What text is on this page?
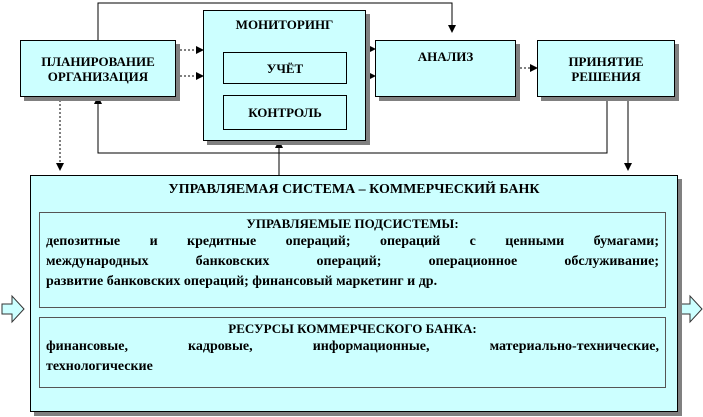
ПЛАНИРОВАНИЕ
ОРГАНИЗАЦИЯ
МОНИТОРИНГ
УЧЁТ
КОНТРОЛЬ
АНАЛИЗ	ПРИНЯТИЕ
РЕШЕНИЯ
УПРАВЛЯЕМАЯ СИСТЕМА – КОММЕРЧЕСКИЙ БАНК
УПРАВЛЯЕМЫЕ ПОДСИСТЕМЫ:
депозитные и кредитные операций; операций с ценными бумагами;
международных банковских операций; операционное обслуживание;
развитие банковских операций; финансовый маркетинг и др.
РЕСУРСЫ КОММЕРЧЕСКОГО БАНКА:
финансовые, кадровые, информационные, материально-технические,
технологические
